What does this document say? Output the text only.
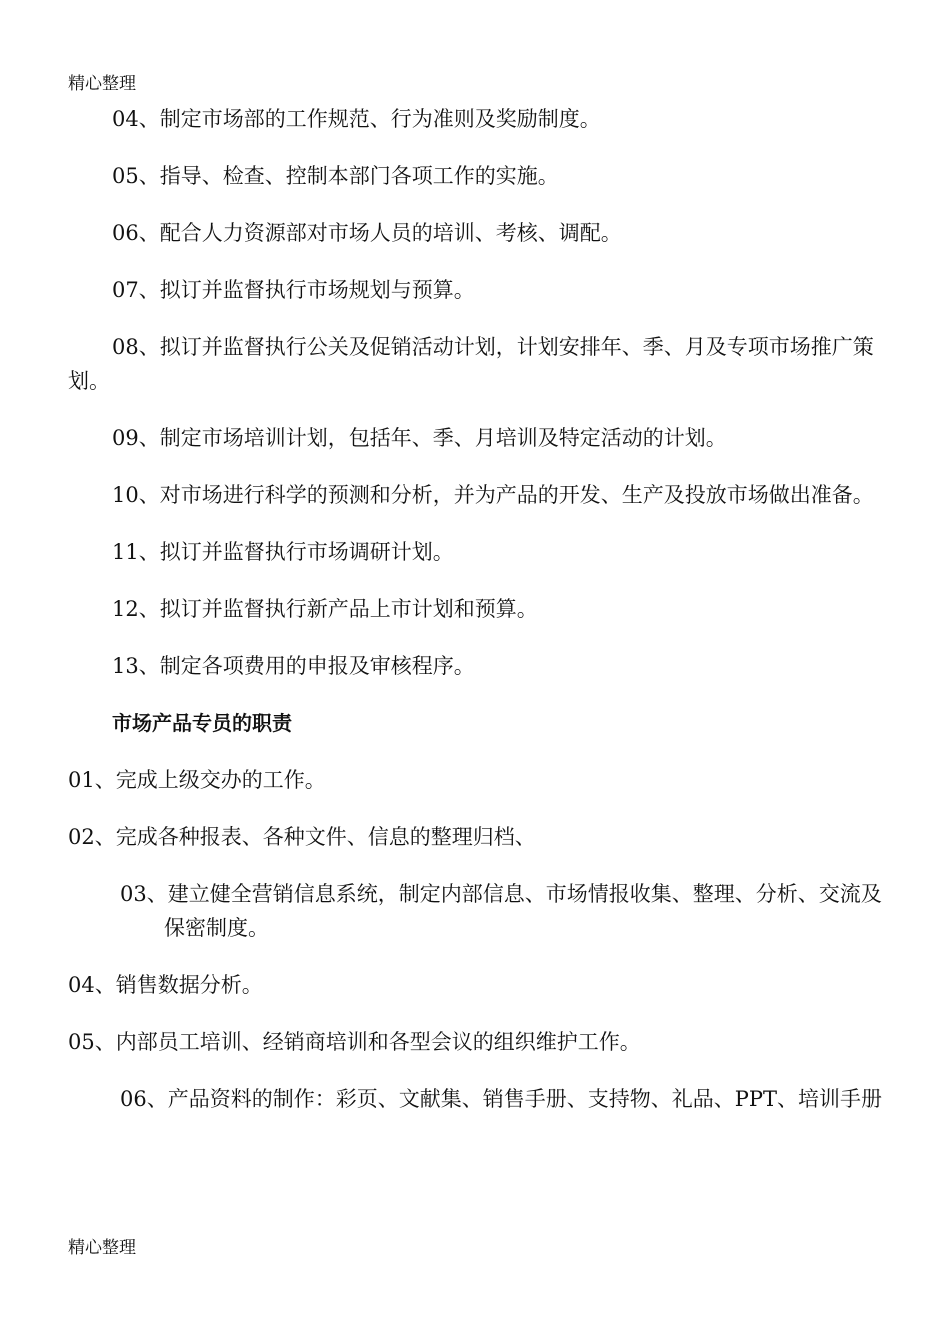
精心整理

04、制定市场部的工作规范、行为准则及奖励制度。

05、指导、检查、控制本部门各项工作的实施。

06、配合人力资源部对市场人员的培训、考核、调配。

07、拟订并监督执行市场规划与预算。

08、拟订并监督执行公关及促销活动计划，计划安排年、季、月及专项市场推广策划。

09、制定市场培训计划，包括年、季、月培训及特定活动的计划。

10、对市场进行科学的预测和分析，并为产品的开发、生产及投放市场做出准备。

11、拟订并监督执行市场调研计划。

12、拟订并监督执行新产品上市计划和预算。

13、制定各项费用的申报及审核程序。

市场产品专员的职责

01、完成上级交办的工作。

02、完成各种报表、各种文件、信息的整理归档、

03、建立健全营销信息系统，制定内部信息、市场情报收集、整理、分析、交流及保密制度。

04、销售数据分析。

05、内部员工培训、经销商培训和各型会议的组织维护工作。

06、产品资料的制作：彩页、文献集、销售手册、支持物、礼品、PPT、培训手册

精心整理
